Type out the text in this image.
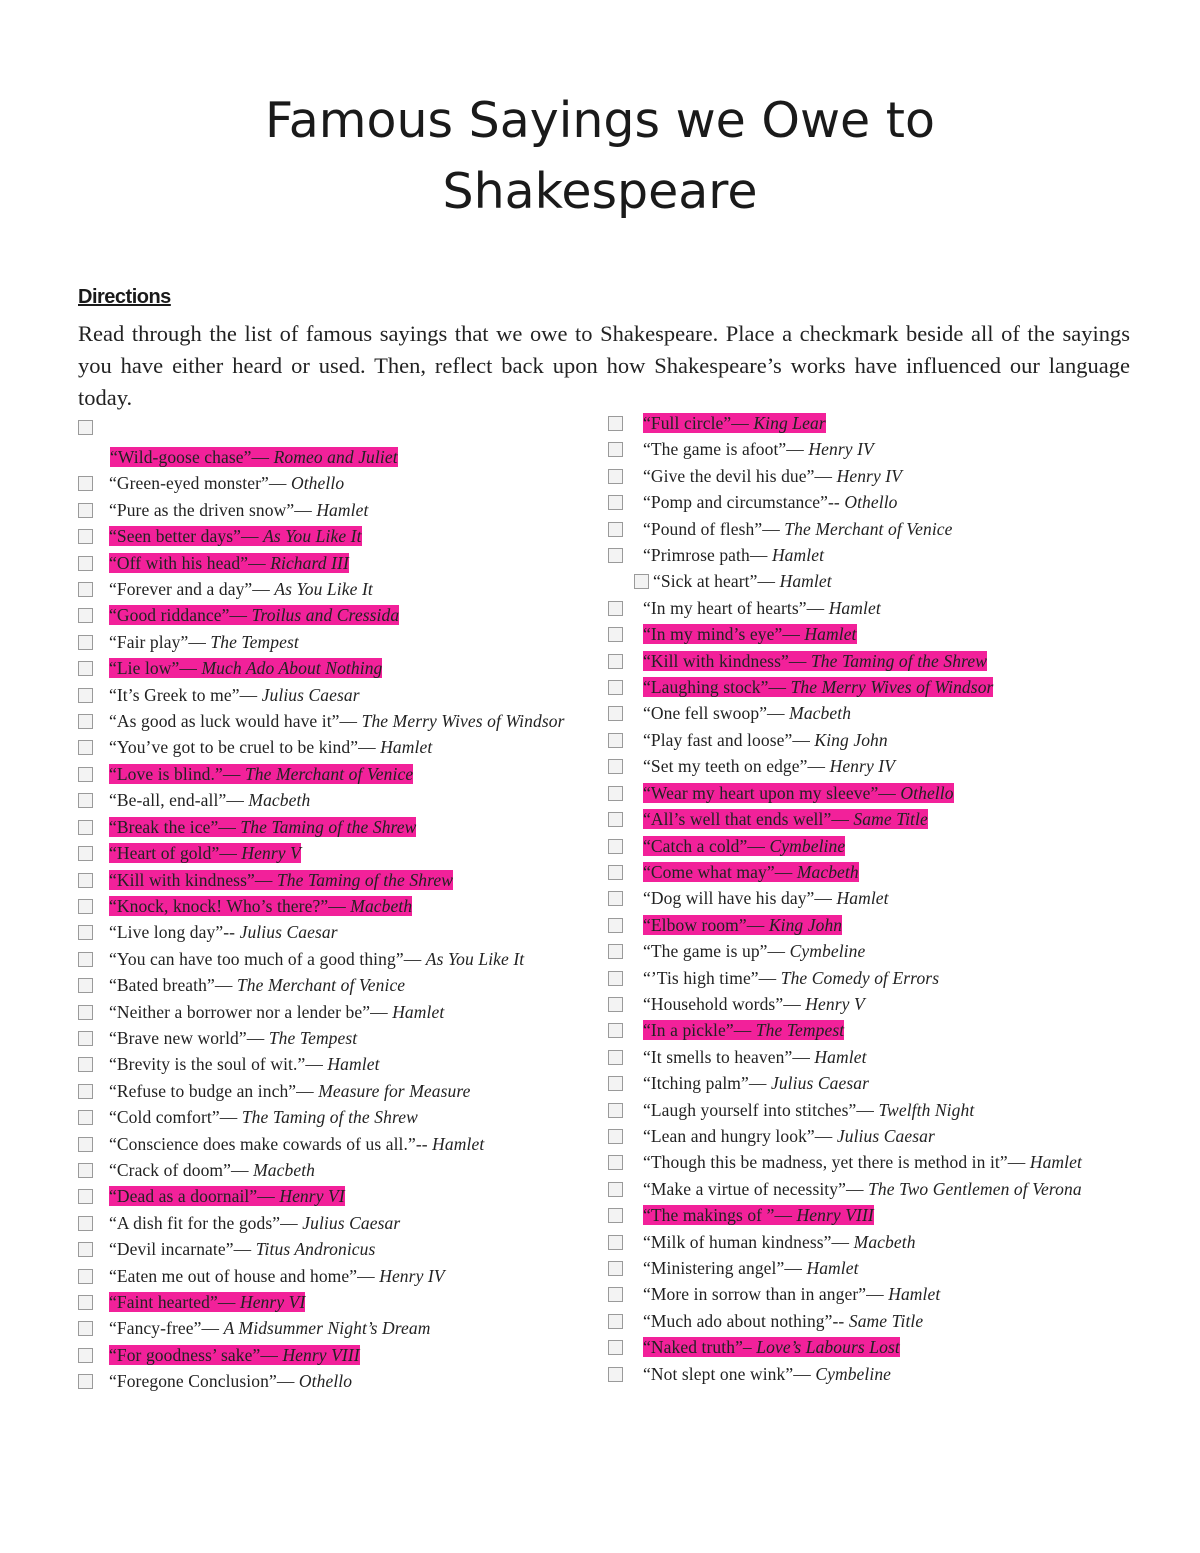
Famous Sayings we Owe to
Shakespeare
Directions
Read through the list of famous sayings that we owe to Shakespeare. Place a checkmark beside all of the sayings you have either heard or used. Then, reflect back upon how Shakespeare’s works have influenced our language today.
“Wild-goose chase”— Romeo and Juliet
“Green-eyed monster”— Othello
“Pure as the driven snow”— Hamlet
“Seen better days”— As You Like It
“Off with his head”— Richard III
“Forever and a day”— As You Like It
“Good riddance”— Troilus and Cressida
“Fair play”— The Tempest
“Lie low”— Much Ado About Nothing
“It’s Greek to me”— Julius Caesar
“As good as luck would have it”— The Merry Wives of Windsor
“You’ve got to be cruel to be kind”— Hamlet
“Love is blind.”— The Merchant of Venice
“Be-all, end-all”— Macbeth
“Break the ice”— The Taming of the Shrew
“Heart of gold”— Henry V
“Kill with kindness”— The Taming of the Shrew
“Knock, knock! Who’s there?”— Macbeth
“Live long day”-- Julius Caesar
“You can have too much of a good thing”— As You Like It
“Bated breath”— The Merchant of Venice
“Neither a borrower nor a lender be”— Hamlet
“Brave new world”— The Tempest
“Brevity is the soul of wit.”— Hamlet
“Refuse to budge an inch”— Measure for Measure
“Cold comfort”— The Taming of the Shrew
“Conscience does make cowards of us all.”-- Hamlet
“Crack of doom”— Macbeth
“Dead as a doornail”— Henry VI
“A dish fit for the gods”— Julius Caesar
“Devil incarnate”— Titus Andronicus
“Eaten me out of house and home”— Henry IV
“Faint hearted”— Henry VI
“Fancy-free”— A Midsummer Night’s Dream
“For goodness’ sake”— Henry VIII
“Foregone Conclusion”— Othello
“Full circle”— King Lear
“The game is afoot”— Henry IV
“Give the devil his due”— Henry IV
“Pomp and circumstance”-- Othello
“Pound of flesh”— The Merchant of Venice
“Primrose path— Hamlet
“Sick at heart”— Hamlet
“In my heart of hearts”— Hamlet
“In my mind’s eye”— Hamlet
“Kill with kindness”— The Taming of the Shrew
“Laughing stock”— The Merry Wives of Windsor
“One fell swoop”— Macbeth
“Play fast and loose”— King John
“Set my teeth on edge”— Henry IV
“Wear my heart upon my sleeve”— Othello
“All’s well that ends well”— Same Title
“Catch a cold”— Cymbeline
“Come what may”— Macbeth
“Dog will have his day”— Hamlet
“Elbow room”— King John
“The game is up”— Cymbeline
“’Tis high time”— The Comedy of Errors
“Household words”— Henry V
“In a pickle”— The Tempest
“It smells to heaven”— Hamlet
“Itching palm”— Julius Caesar
“Laugh yourself into stitches”— Twelfth Night
“Lean and hungry look”— Julius Caesar
“Though this be madness, yet there is method in it”— Hamlet
“Make a virtue of necessity”— The Two Gentlemen of Verona
“The makings of ”— Henry VIII
“Milk of human kindness”— Macbeth
“Ministering angel”— Hamlet
“More in sorrow than in anger”— Hamlet
“Much ado about nothing”-- Same Title
“Naked truth”– Love’s Labours Lost
“Not slept one wink”— Cymbeline
